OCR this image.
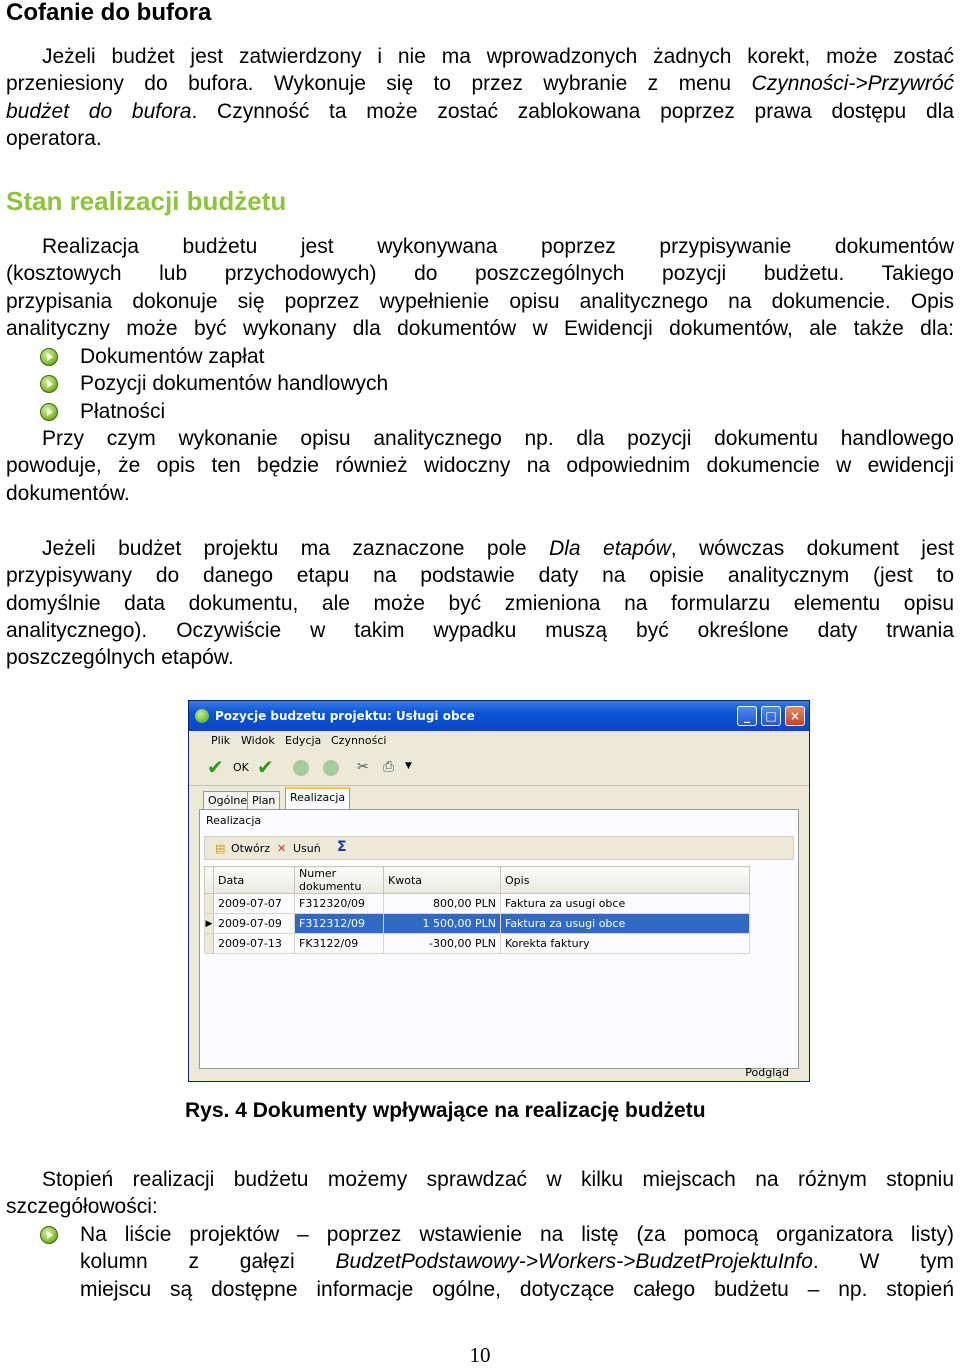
Cofanie do bufora
Jeżeli budżet jest zatwierdzony i nie ma wprowadzonych żadnych korekt, może zostać
przeniesiony do bufora. Wykonuje się to przez wybranie z menu Czynności->Przywróć
budżet do bufora. Czynność ta może zostać zablokowana poprzez prawa dostępu dla
operatora.
Stan realizacji budżetu
Realizacja budżetu jest wykonywana poprzez przypisywanie dokumentów
(kosztowych lub przychodowych) do poszczególnych pozycji budżetu. Takiego
przypisania dokonuje się poprzez wypełnienie opisu analitycznego na dokumencie. Opis
analityczny może być wykonany dla dokumentów w Ewidencji dokumentów, ale także dla:
Dokumentów zapłat
Pozycji dokumentów handlowych
Płatności
Przy czym wykonanie opisu analitycznego np. dla pozycji dokumentu handlowego
powoduje, że opis ten będzie również widoczny na odpowiednim dokumencie w ewidencji
dokumentów.
Jeżeli budżet projektu ma zaznaczone pole Dla etapów, wówczas dokument jest
przypisywany do danego etapu na podstawie daty na opisie analitycznym (jest to
domyślnie data dokumentu, ale może być zmieniona na formularzu elementu opisu
analitycznego). Oczywiście w takim wypadku muszą być określone daty trwania
poszczególnych etapów.
Pozycje budzetu projektu: Usługi obce	_	□	×
Plik Widok Edycja Czynności
✔ OK ✔	✂ ⎙ ▼
Ogólne Plan	Realizacja
Realizacja
▤ Otwórz ✕ Usuń Σ
	Data	Numer dokumentu	Kwota	Opis
	2009-07-07	F312320/09	800,00 PLN	Faktura za usugi obce
▶	2009-07-09	F312312/09	1 500,00 PLN	Faktura za usugi obce
	2009-07-13	FK3122/09	-300,00 PLN	Korekta faktury
Podgląd

Rys. 4 Dokumenty wpływające na realizację budżetu

Stopień realizacji budżetu możemy sprawdzać w kilku miejscach na różnym stopniu
szczegółowości:
Na liście projektów – poprzez wstawienie na listę (za pomocą organizatora listy)
kolumn z gałęzi BudzetPodstawowy->Workers->BudzetProjektuInfo. W tym
miejscu są dostępne informacje ogólne, dotyczące całego budżetu – np. stopień
10
